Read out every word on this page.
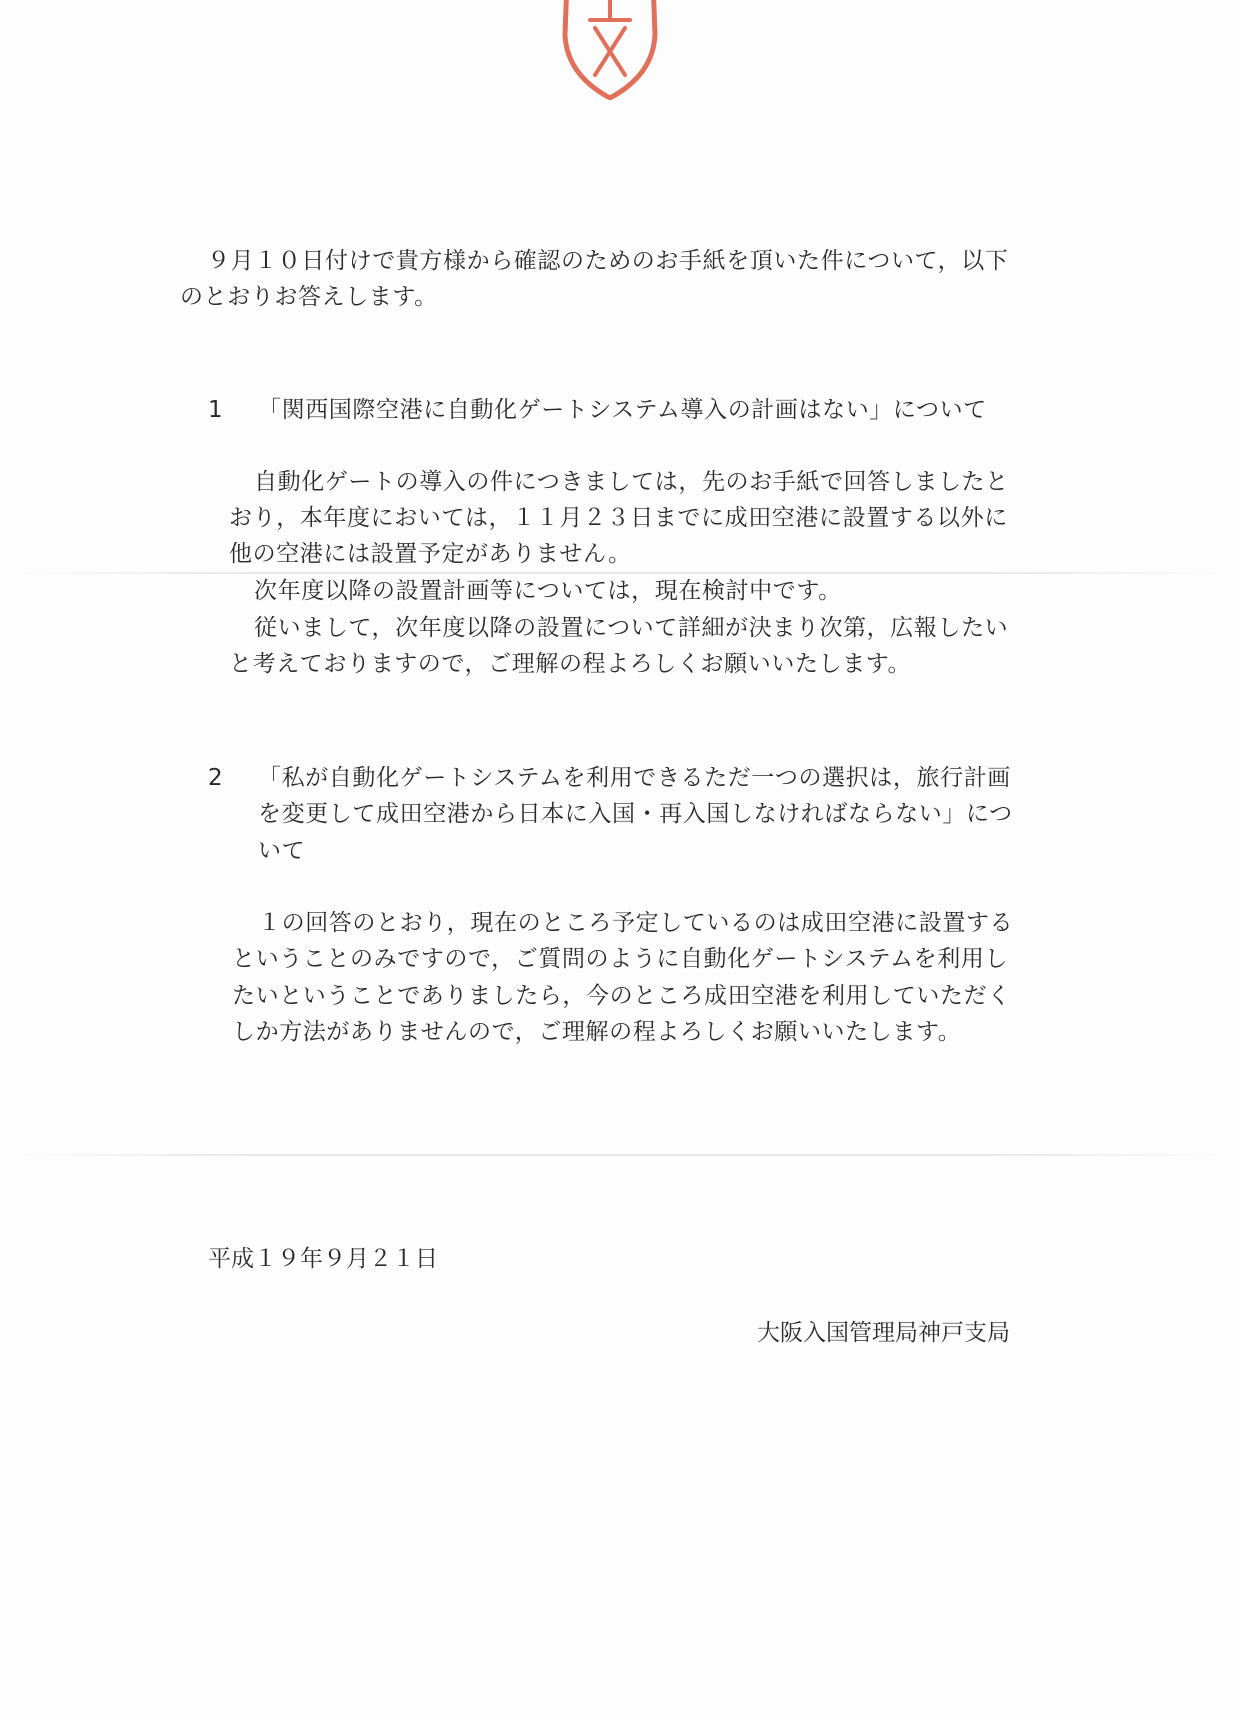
９月１０日付けで貴方様から確認のためのお手紙を頂いた件について，以下
のとおりお答えします。
1 「関西国際空港に自動化ゲートシステム導入の計画はない」について
自動化ゲートの導入の件につきましては，先のお手紙で回答しましたと
おり，本年度においては，１１月２３日までに成田空港に設置する以外に
他の空港には設置予定がありません。
次年度以降の設置計画等については，現在検討中です。
従いまして，次年度以降の設置について詳細が決まり次第，広報したい
と考えておりますので，ご理解の程よろしくお願いいたします。
2 「私が自動化ゲートシステムを利用できるただ一つの選択は，旅行計画
を変更して成田空港から日本に入国・再入国しなければならない」につ
いて
１の回答のとおり，現在のところ予定しているのは成田空港に設置する
ということのみですので，ご質問のように自動化ゲートシステムを利用し
たいということでありましたら，今のところ成田空港を利用していただく
しか方法がありませんので，ご理解の程よろしくお願いいたします。
平成１９年９月２１日
大阪入国管理局神戸支局
